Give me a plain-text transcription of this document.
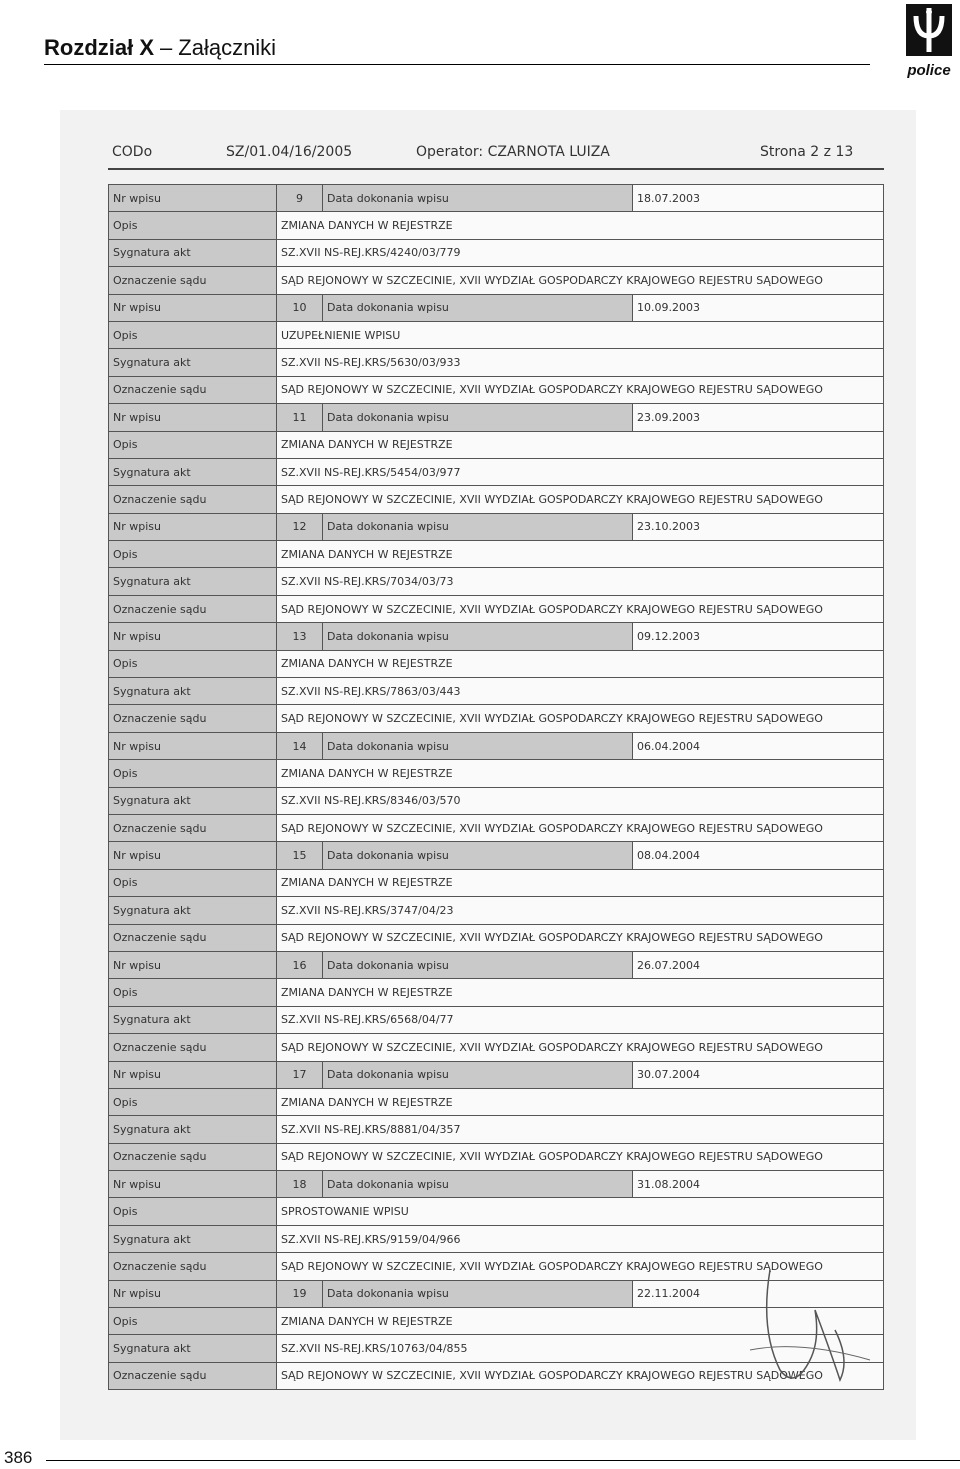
Rozdział X – Załączniki
police
CODo	SZ/01.04/16/2005	Operator: CZARNOTA LUIZA	Strona 2 z 13
Nr wpisu	9	Data dokonania wpisu	18.07.2003
Opis	ZMIANA DANYCH W REJESTRZE		
Sygnatura akt	SZ.XVII NS-REJ.KRS/4240/03/779		
Oznaczenie sądu	SĄD REJONOWY W SZCZECINIE, XVII WYDZIAŁ GOSPODARCZY KRAJOWEGO REJESTRU SĄDOWEGO		
Nr wpisu	10	Data dokonania wpisu	10.09.2003
Opis	UZUPEŁNIENIE WPISU		
Sygnatura akt	SZ.XVII NS-REJ.KRS/5630/03/933		
Oznaczenie sądu	SĄD REJONOWY W SZCZECINIE, XVII WYDZIAŁ GOSPODARCZY KRAJOWEGO REJESTRU SĄDOWEGO		
Nr wpisu	11	Data dokonania wpisu	23.09.2003
Opis	ZMIANA DANYCH W REJESTRZE		
Sygnatura akt	SZ.XVII NS-REJ.KRS/5454/03/977		
Oznaczenie sądu	SĄD REJONOWY W SZCZECINIE, XVII WYDZIAŁ GOSPODARCZY KRAJOWEGO REJESTRU SĄDOWEGO		
Nr wpisu	12	Data dokonania wpisu	23.10.2003
Opis	ZMIANA DANYCH W REJESTRZE		
Sygnatura akt	SZ.XVII NS-REJ.KRS/7034/03/73		
Oznaczenie sądu	SĄD REJONOWY W SZCZECINIE, XVII WYDZIAŁ GOSPODARCZY KRAJOWEGO REJESTRU SĄDOWEGO		
Nr wpisu	13	Data dokonania wpisu	09.12.2003
Opis	ZMIANA DANYCH W REJESTRZE		
Sygnatura akt	SZ.XVII NS-REJ.KRS/7863/03/443		
Oznaczenie sądu	SĄD REJONOWY W SZCZECINIE, XVII WYDZIAŁ GOSPODARCZY KRAJOWEGO REJESTRU SĄDOWEGO		
Nr wpisu	14	Data dokonania wpisu	06.04.2004
Opis	ZMIANA DANYCH W REJESTRZE		
Sygnatura akt	SZ.XVII NS-REJ.KRS/8346/03/570		
Oznaczenie sądu	SĄD REJONOWY W SZCZECINIE, XVII WYDZIAŁ GOSPODARCZY KRAJOWEGO REJESTRU SĄDOWEGO		
Nr wpisu	15	Data dokonania wpisu	08.04.2004
Opis	ZMIANA DANYCH W REJESTRZE		
Sygnatura akt	SZ.XVII NS-REJ.KRS/3747/04/23		
Oznaczenie sądu	SĄD REJONOWY W SZCZECINIE, XVII WYDZIAŁ GOSPODARCZY KRAJOWEGO REJESTRU SĄDOWEGO		
Nr wpisu	16	Data dokonania wpisu	26.07.2004
Opis	ZMIANA DANYCH W REJESTRZE		
Sygnatura akt	SZ.XVII NS-REJ.KRS/6568/04/77		
Oznaczenie sądu	SĄD REJONOWY W SZCZECINIE, XVII WYDZIAŁ GOSPODARCZY KRAJOWEGO REJESTRU SĄDOWEGO		
Nr wpisu	17	Data dokonania wpisu	30.07.2004
Opis	ZMIANA DANYCH W REJESTRZE		
Sygnatura akt	SZ.XVII NS-REJ.KRS/8881/04/357		
Oznaczenie sądu	SĄD REJONOWY W SZCZECINIE, XVII WYDZIAŁ GOSPODARCZY KRAJOWEGO REJESTRU SĄDOWEGO		
Nr wpisu	18	Data dokonania wpisu	31.08.2004
Opis	SPROSTOWANIE WPISU		
Sygnatura akt	SZ.XVII NS-REJ.KRS/9159/04/966		
Oznaczenie sądu	SĄD REJONOWY W SZCZECINIE, XVII WYDZIAŁ GOSPODARCZY KRAJOWEGO REJESTRU SĄDOWEGO		
Nr wpisu	19	Data dokonania wpisu	22.11.2004
Opis	ZMIANA DANYCH W REJESTRZE		
Sygnatura akt	SZ.XVII NS-REJ.KRS/10763/04/855		
Oznaczenie sądu	SĄD REJONOWY W SZCZECINIE, XVII WYDZIAŁ GOSPODARCZY KRAJOWEGO REJESTRU SĄDOWEGO		
386
